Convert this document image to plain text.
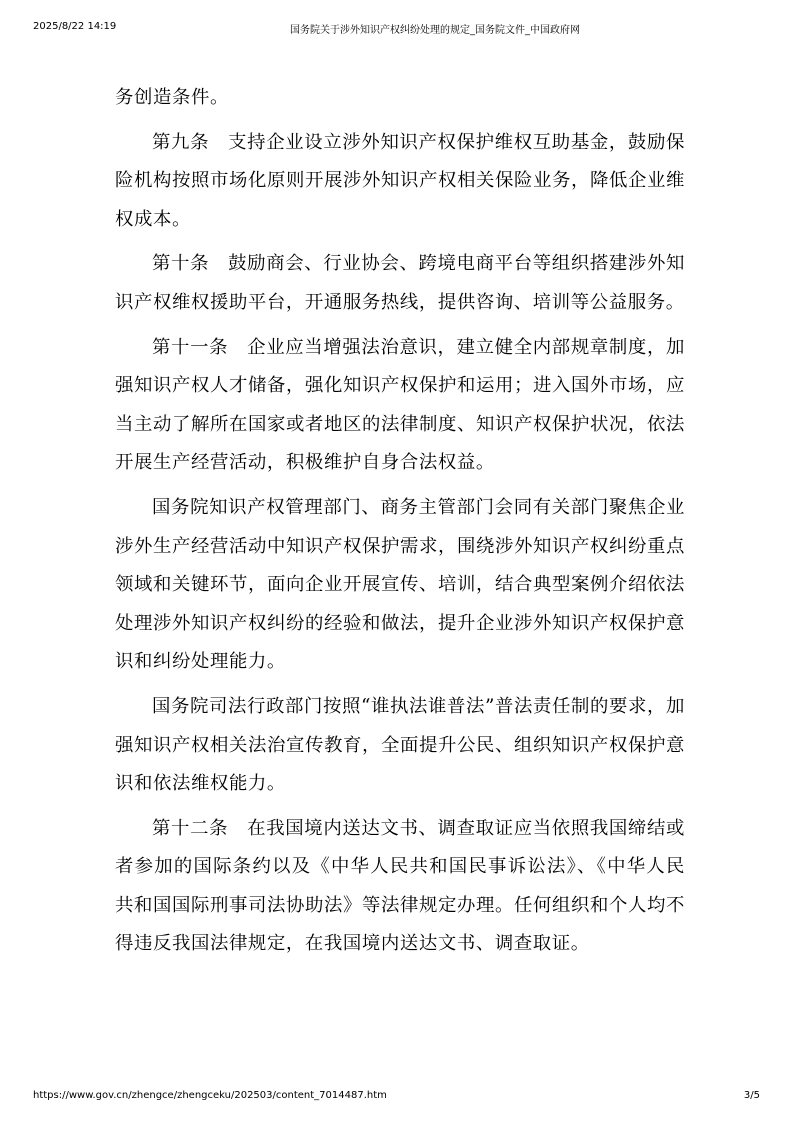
2025/8/22 14:19	国务院关于涉外知识产权纠纷处理的规定_国务院文件_中国政府网

务创造条件。

第九条　支持企业设立涉外知识产权保护维权互助基金，鼓励保险机构按照市场化原则开展涉外知识产权相关保险业务，降低企业维权成本。

第十条　鼓励商会、行业协会、跨境电商平台等组织搭建涉外知识产权维权援助平台，开通服务热线，提供咨询、培训等公益服务。

第十一条　企业应当增强法治意识，建立健全内部规章制度，加强知识产权人才储备，强化知识产权保护和运用；进入国外市场，应当主动了解所在国家或者地区的法律制度、知识产权保护状况，依法开展生产经营活动，积极维护自身合法权益。

国务院知识产权管理部门、商务主管部门会同有关部门聚焦企业涉外生产经营活动中知识产权保护需求，围绕涉外知识产权纠纷重点领域和关键环节，面向企业开展宣传、培训，结合典型案例介绍依法处理涉外知识产权纠纷的经验和做法，提升企业涉外知识产权保护意识和纠纷处理能力。

国务院司法行政部门按照“谁执法谁普法”普法责任制的要求，加强知识产权相关法治宣传教育，全面提升公民、组织知识产权保护意识和依法维权能力。

第十二条　在我国境内送达文书、调查取证应当依照我国缔结或者参加的国际条约以及《中华人民共和国民事诉讼法》、《中华人民共和国国际刑事司法协助法》等法律规定办理。任何组织和个人均不得违反我国法律规定，在我国境内送达文书、调查取证。

https://www.gov.cn/zhengce/zhengceku/202503/content_7014487.htm	3/5
